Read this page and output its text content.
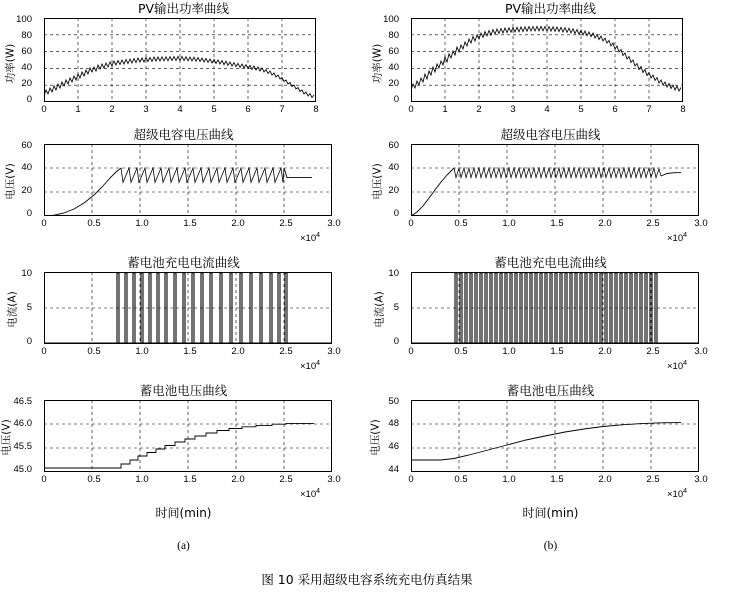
PV输出功率曲线
功率(W)
100
80
60
40
20
0
0	1	2	3	4	5	6	7	8
超级电容电压曲线
电压(V)
60
40
20
0
0	0.5	1.0	1.5	2.0	2.5	3.0
$\times 10^4$
蓄电池充电电流曲线
电流(A)
10
5
0
0	0.5	1.0	1.5	2.0	2.5	3.0
$\times 10^4$
蓄电池电压曲线
电压(V)
46.5
46.0
45.5
45.0
0	0.5	1.0	1.5	2.0	2.5	3.0
$\times 10^4$
时间(min)
(a)
PV输出功率曲线
功率(W)
100
80
60
40
20
0
0	1	2	3	4	5	6	7	8
超级电容电压曲线
电压(V)
60
40
20
0
0	0.5	1.0	1.5	2.0	2.5	3.0
$\times 10^4$
蓄电池充电电流曲线
电流(A)
10
5
0
0	0.5	1.0	1.5	2.0	2.5	3.0
$\times 10^4$
蓄电池电压曲线
电压(V)
50
48
46
44
0	0.5	1.0	1.5	2.0	2.5	3.0
$\times 10^4$
时间(min)
(b)
图 10 采用超级电容系统充电仿真结果
